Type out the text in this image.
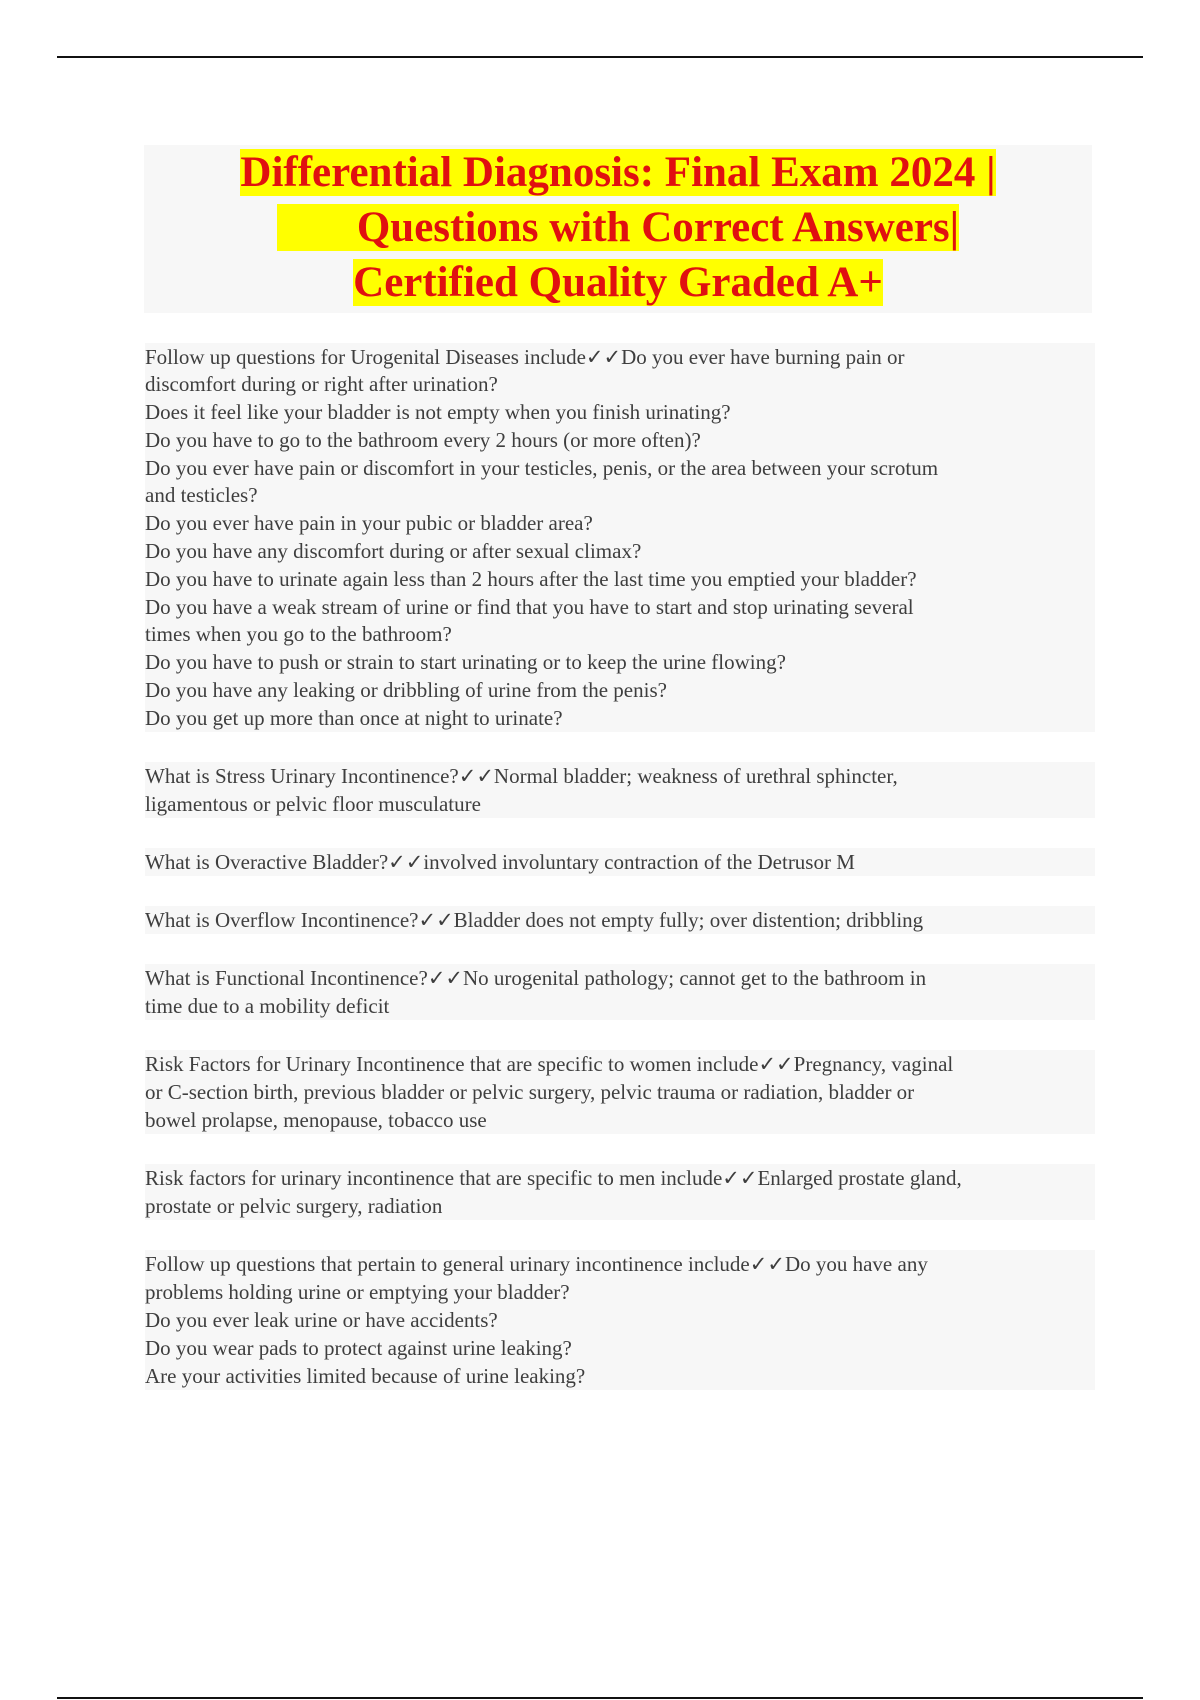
Differential Diagnosis: Final Exam 2024 |
Questions with Correct Answers|
Certified Quality Graded A+
Follow up questions for Urogenital Diseases include✓✓Do you ever have burning pain or
discomfort during or right after urination?
Does it feel like your bladder is not empty when you finish urinating?
Do you have to go to the bathroom every 2 hours (or more often)?
Do you ever have pain or discomfort in your testicles, penis, or the area between your scrotum
and testicles?
Do you ever have pain in your pubic or bladder area?
Do you have any discomfort during or after sexual climax?
Do you have to urinate again less than 2 hours after the last time you emptied your bladder?
Do you have a weak stream of urine or find that you have to start and stop urinating several
times when you go to the bathroom?
Do you have to push or strain to start urinating or to keep the urine flowing?
Do you have any leaking or dribbling of urine from the penis?
Do you get up more than once at night to urinate?
What is Stress Urinary Incontinence?✓✓Normal bladder; weakness of urethral sphincter,
ligamentous or pelvic floor musculature
What is Overactive Bladder?✓✓involved involuntary contraction of the Detrusor M
What is Overflow Incontinence?✓✓Bladder does not empty fully; over distention; dribbling
What is Functional Incontinence?✓✓No urogenital pathology; cannot get to the bathroom in
time due to a mobility deficit
Risk Factors for Urinary Incontinence that are specific to women include✓✓Pregnancy, vaginal
or C-section birth, previous bladder or pelvic surgery, pelvic trauma or radiation, bladder or
bowel prolapse, menopause, tobacco use
Risk factors for urinary incontinence that are specific to men include✓✓Enlarged prostate gland,
prostate or pelvic surgery, radiation
Follow up questions that pertain to general urinary incontinence include✓✓Do you have any
problems holding urine or emptying your bladder?
Do you ever leak urine or have accidents?
Do you wear pads to protect against urine leaking?
Are your activities limited because of urine leaking?
